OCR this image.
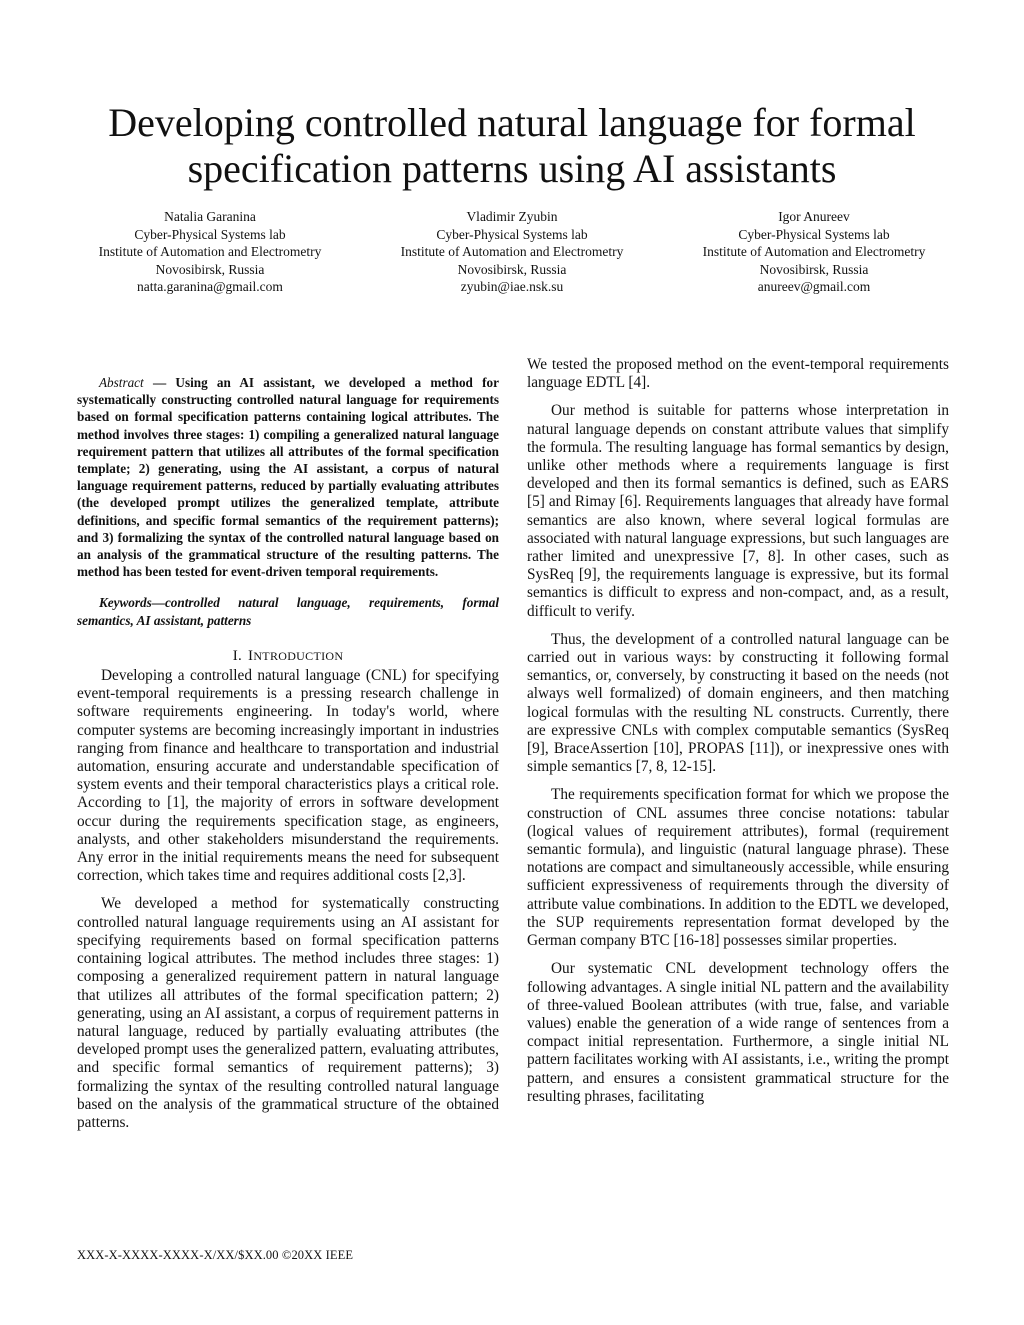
Developing controlled natural language for formal
specification patterns using AI assistants
Natalia Garanina
Cyber-Physical Systems lab
Institute of Automation and Electrometry
Novosibirsk, Russia
natta.garanina@gmail.com
Vladimir Zyubin
Cyber-Physical Systems lab
Institute of Automation and Electrometry
Novosibirsk, Russia
zyubin@iae.nsk.su
Igor Anureev
Cyber-Physical Systems lab
Institute of Automation and Electrometry
Novosibirsk, Russia
anureev@gmail.com

Abstract — Using an AI assistant, we developed a method for systematically constructing controlled natural language for requirements based on formal specification patterns containing logical attributes. The method involves three stages: 1) compiling a generalized natural language requirement pattern that utilizes all attributes of the formal specification template; 2) generating, using the AI assistant, a corpus of natural language requirement patterns, reduced by partially evaluating attributes (the developed prompt utilizes the generalized template, attribute definitions, and specific formal semantics of the requirement patterns); and 3) formalizing the syntax of the controlled natural language based on an analysis of the grammatical structure of the resulting patterns. The method has been tested for event-driven temporal requirements.

Keywords—controlled natural language, requirements, formal semantics, AI assistant, patterns

I. INTRODUCTION

Developing a controlled natural language (CNL) for specifying event-temporal requirements is a pressing research challenge in software requirements engineering. In today's world, where computer systems are becoming increasingly important in industries ranging from finance and healthcare to transportation and industrial automation, ensuring accurate and understandable specification of system events and their temporal characteristics plays a critical role. According to [1], the majority of errors in software development occur during the requirements specification stage, as engineers, analysts, and other stakeholders misunderstand the requirements. Any error in the initial requirements means the need for subsequent correction, which takes time and requires additional costs [2,3].

We developed a method for systematically constructing controlled natural language requirements using an AI assistant for specifying requirements based on formal specification patterns containing logical attributes. The method includes three stages: 1) composing a generalized requirement pattern in natural language that utilizes all attributes of the formal specification pattern; 2) generating, using an AI assistant, a corpus of requirement patterns in natural language, reduced by partially evaluating attributes (the developed prompt uses the generalized pattern, evaluating attributes, and specific formal semantics of requirement patterns); 3) formalizing the syntax of the resulting controlled natural language based on the analysis of the grammatical structure of the obtained patterns.

We tested the proposed method on the event-temporal requirements language EDTL [4].

Our method is suitable for patterns whose interpretation in natural language depends on constant attribute values that simplify the formula. The resulting language has formal semantics by design, unlike other methods where a requirements language is first developed and then its formal semantics is defined, such as EARS [5] and Rimay [6]. Requirements languages that already have formal semantics are also known, where several logical formulas are associated with natural language expressions, but such languages are rather limited and unexpressive [7, 8]. In other cases, such as SysReq [9], the requirements language is expressive, but its formal semantics is difficult to express and non-compact, and, as a result, difficult to verify.

Thus, the development of a controlled natural language can be carried out in various ways: by constructing it following formal semantics, or, conversely, by constructing it based on the needs (not always well formalized) of domain engineers, and then matching logical formulas with the resulting NL constructs. Currently, there are expressive CNLs with complex computable semantics (SysReq [9], BraceAssertion [10], PROPAS [11]), or inexpressive ones with simple semantics [7, 8, 12-15].

The requirements specification format for which we propose the construction of CNL assumes three concise notations: tabular (logical values of requirement attributes), formal (requirement semantic formula), and linguistic (natural language phrase). These notations are compact and simultaneously accessible, while ensuring sufficient expressiveness of requirements through the diversity of attribute value combinations. In addition to the EDTL we developed, the SUP requirements representation format developed by the German company BTC [16-18] possesses similar properties.

Our systematic CNL development technology offers the following advantages. A single initial NL pattern and the availability of three-valued Boolean attributes (with true, false, and variable values) enable the generation of a wide range of sentences from a compact initial representation. Furthermore, a single initial NL pattern facilitates working with AI assistants, i.e., writing the prompt pattern, and ensures a consistent grammatical structure for the resulting phrases, facilitating

XXX-X-XXXX-XXXX-X/XX/$XX.00 ©20XX IEEE
